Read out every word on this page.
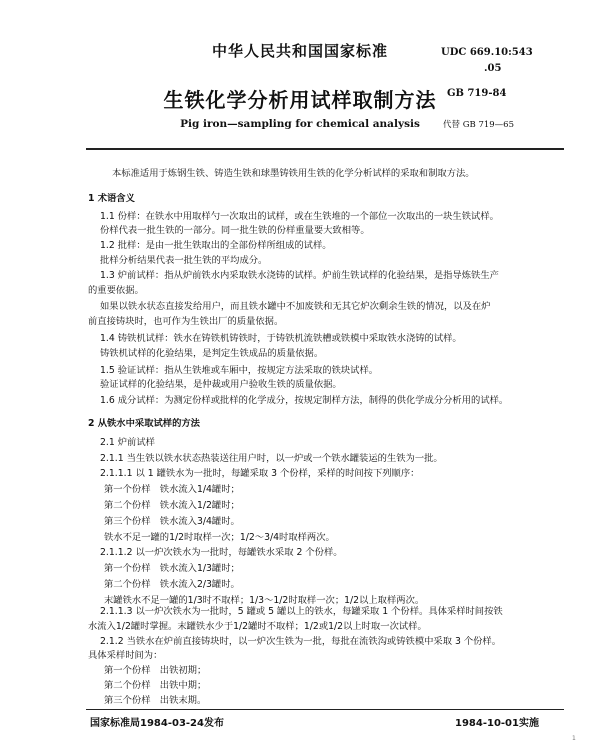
中华人民共和国国家标准
生铁化学分析用试样取制方法
Pig iron—sampling for chemical analysis
UDC 669.10:543
.05
GB 719-84
代替 GB 719—65
本标准适用于炼钢生铁、铸造生铁和球墨铸铁用生铁的化学分析试样的采取和制取方法。
1 术语含义
1.1 份样：在铁水中用取样勺一次取出的试样，或在生铁堆的一个部位一次取出的一块生铁试样。
份样代表一批生铁的一部分。同一批生铁的份样重量要大致相等。
1.2 批样：是由一批生铁取出的全部份样所组成的试样。
批样分析结果代表一批生铁的平均成分。
1.3 炉前试样：指从炉前铁水内采取铁水浇铸的试样。炉前生铁试样的化验结果，是指导炼铁生产
的重要依据。
如果以铁水状态直接发给用户，而且铁水罐中不加废铁和无其它炉次剩余生铁的情况，以及在炉
前直接铸块时，也可作为生铁出厂的质量依据。
1.4 铸铁机试样：铁水在铸铁机铸铁时，于铸铁机流铁槽或铁模中采取铁水浇铸的试样。
铸铁机试样的化验结果，是判定生铁成品的质量依据。
1.5 验证试样：指从生铁堆或车厢中，按规定方法采取的铁块试样。
验证试样的化验结果，是仲裁或用户验收生铁的质量依据。
1.6 成分试样：为测定份样或批样的化学成分，按规定制样方法，制得的供化学成分分析用的试样。
2 从铁水中采取试样的方法
2.1 炉前试样
2.1.1 当生铁以铁水状态热装送往用户时，以一炉或一个铁水罐装运的生铁为一批。
2.1.1.1 以 1 罐铁水为一批时，每罐采取 3 个份样，采样的时间按下列顺序：
第一个份样　铁水流入1/4罐时；
第二个份样　铁水流入1/2罐时；
第三个份样　铁水流入3/4罐时。
铁水不足一罐的1/2时取样一次；1/2～3/4时取样两次。
2.1.1.2 以一炉次铁水为一批时，每罐铁水采取 2 个份样。
第一个份样　铁水流入1/3罐时；
第二个份样　铁水流入2/3罐时。
末罐铁水不足一罐的1/3时不取样；1/3～1/2时取样一次；1/2以上取样两次。
2.1.1.3 以一炉次铁水为一批时，5 罐或 5 罐以上的铁水，每罐采取 1 个份样。具体采样时间按铁
水流入1/2罐时掌握。末罐铁水少于1/2罐时不取样；1/2或1/2以上时取一次试样。
2.1.2 当铁水在炉前直接铸块时，以一炉次生铁为一批，每批在流铁沟或铸铁模中采取 3 个份样。
具体采样时间为：
第一个份样　出铁初期；
第二个份样　出铁中期；
国家标准局1984-03-24发布	1984-10-01实施
1
第三个份样　出铁末期。
